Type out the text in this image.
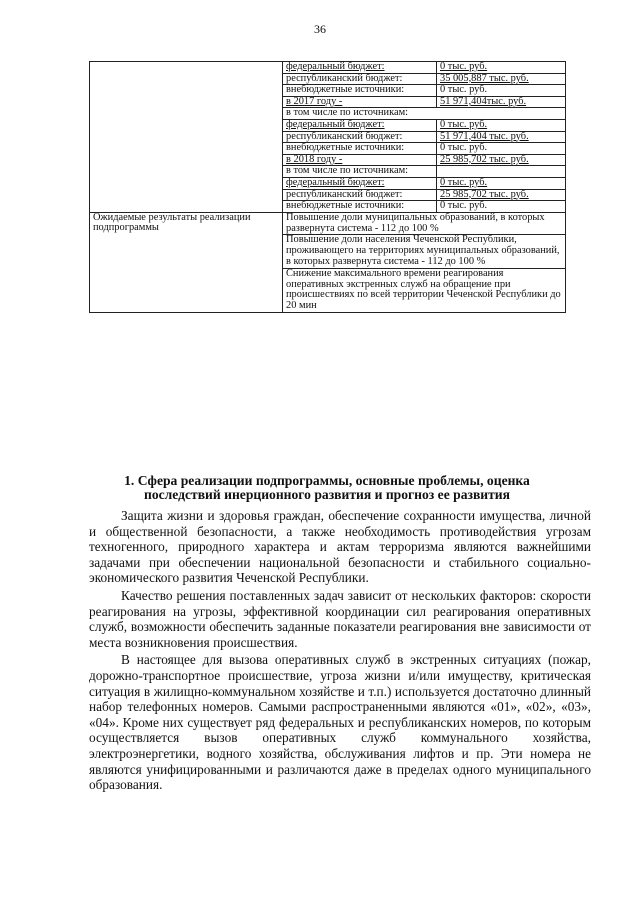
36
	федеральный бюджет:	0 тыс. руб.
	республиканский бюджет:	35 005,887 тыс. руб.
	внебюджетные источники:	0 тыс. руб.
	в 2017 году -	51 971,404тыс. руб.
	в том числе по источникам:	
	федеральный бюджет:	0 тыс. руб.
	республиканский бюджет:	51 971,404 тыс. руб.
	внебюджетные источники:	0 тыс. руб.
	в 2018 году -	25 985,702 тыс. руб.
	в том числе по источникам:	
	федеральный бюджет:	0 тыс. руб.
	республиканский бюджет:	25 985,702 тыс. руб.
	внебюджетные источники:	0 тыс. руб.
Ожидаемые результаты реализации подпрограммы	Повышение доли муниципальных образований, в которых развернута система - 112 до 100 %	
	Повышение доли населения Чеченской Республики, проживающего на территориях муниципальных образований, в которых развернута система - 112 до 100 %	
	Снижение максимального времени реагирования оперативных экстренных служб на обращение при происшествиях по всей территории Чеченской Республики до 20 мин	
1. Сфера реализации подпрограммы, основные проблемы, оценка последствий инерционного развития и прогноз ее развития

Защита жизни и здоровья граждан, обеспечение сохранности имущества, личной и общественной безопасности, а также необходимость противодействия угрозам техногенного, природного характера и актам терроризма являются важнейшими задачами при обеспечении национальной безопасности и стабильного социально-экономического развития Чеченской Республики.

Качество решения поставленных задач зависит от нескольких факторов: скорости реагирования на угрозы, эффективной координации сил реагирования оперативных служб, возможности обеспечить заданные показатели реагирования вне зависимости от места возникновения происшествия.

В настоящее для вызова оперативных служб в экстренных ситуациях (пожар, дорожно-транспортное происшествие, угроза жизни и/или имуществу, критическая ситуация в жилищно-коммунальном хозяйстве и т.п.) используется достаточно длинный набор телефонных номеров. Самыми распространенными являются «01», «02», «03», «04». Кроме них существует ряд федеральных и республиканских номеров, по которым осуществляется вызов оперативных служб коммунального хозяйства, электроэнергетики, водного хозяйства, обслуживания лифтов и пр. Эти номера не являются унифицированными и различаются даже в пределах одного муниципального образования.
